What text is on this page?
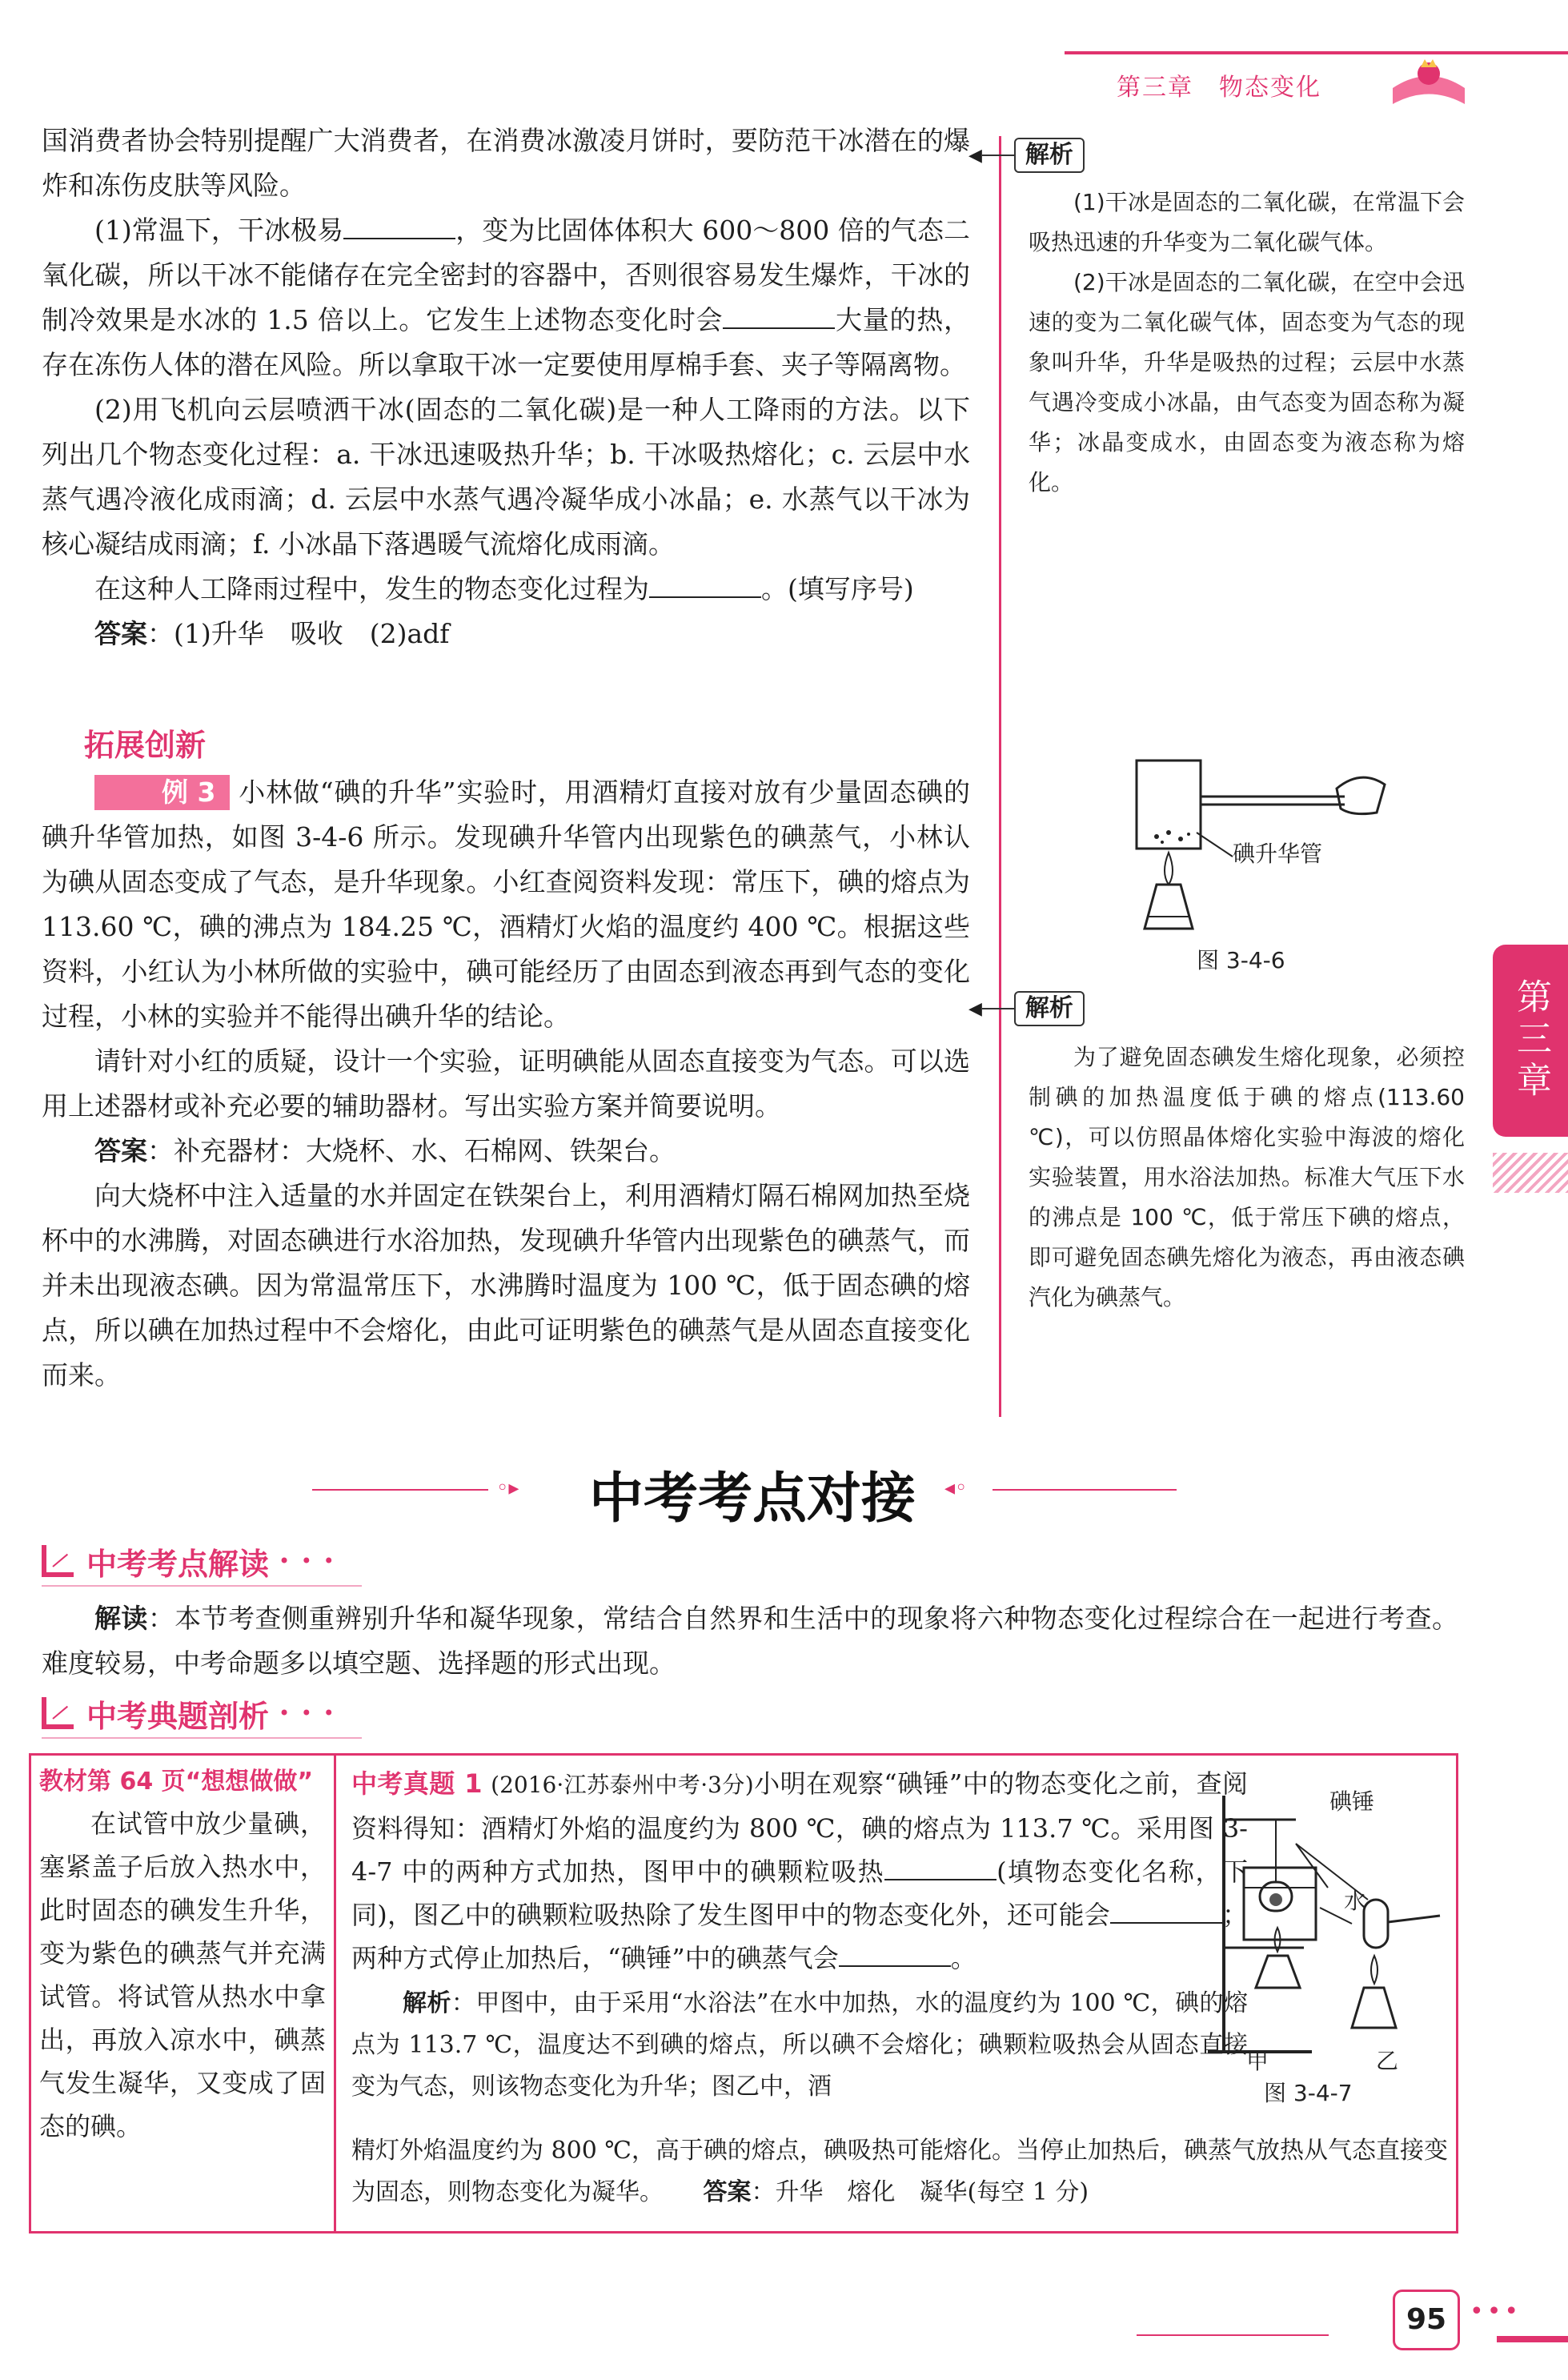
第三章　物态变化

国消费者协会特别提醒广大消费者，在消费冰激凌月饼时，要防范干冰潜在的爆炸和冻伤皮肤等风险。

(1)常温下，干冰极易	，变为比固体体积大 600～800 倍的气态二氧化碳，所以干冰不能储存在完全密封的容器中，否则很容易发生爆炸，干冰的制冷效果是水冰的 1.5 倍以上。它发生上述物态变化时会	大量的热，存在冻伤人体的潜在风险。所以拿取干冰一定要使用厚棉手套、夹子等隔离物。

(2)用飞机向云层喷洒干冰(固态的二氧化碳)是一种人工降雨的方法。以下列出几个物态变化过程：a. 干冰迅速吸热升华；b. 干冰吸热熔化；c. 云层中水蒸气遇冷液化成雨滴；d. 云层中水蒸气遇冷凝华成小冰晶；e. 水蒸气以干冰为核心凝结成雨滴；f. 小冰晶下落遇暖气流熔化成雨滴。

在这种人工降雨过程中，发生的物态变化过程为	。(填写序号)

答案：(1)升华　吸收　(2)adf

◀	解析

(1)干冰是固态的二氧化碳，在常温下会吸热迅速的升华变为二氧化碳气体。

(2)干冰是固态的二氧化碳，在空中会迅速的变为二氧化碳气体，固态变为气态的现象叫升华，升华是吸热的过程；云层中水蒸气遇冷变成小冰晶，由气态变为固态称为凝华；冰晶变成水，由固态变为液态称为熔化。

拓展创新

例 3 小林做“碘的升华”实验时，用酒精灯直接对放有少量固态碘的碘升华管加热，如图 3-4-6 所示。发现碘升华管内出现紫色的碘蒸气，小林认为碘从固态变成了气态，是升华现象。小红查阅资料发现：常压下，碘的熔点为113.60 ℃，碘的沸点为 184.25 ℃，酒精灯火焰的温度约 400 ℃。根据这些资料，小红认为小林所做的实验中，碘可能经历了由固态到液态再到气态的变化过程，小林的实验并不能得出碘升华的结论。

请针对小红的质疑，设计一个实验，证明碘能从固态直接变为气态。可以选用上述器材或补充必要的辅助器材。写出实验方案并简要说明。

答案：补充器材：大烧杯、水、石棉网、铁架台。

向大烧杯中注入适量的水并固定在铁架台上，利用酒精灯隔石棉网加热至烧杯中的水沸腾，对固态碘进行水浴加热，发现碘升华管内出现紫色的碘蒸气，而并未出现液态碘。因为常温常压下，水沸腾时温度为 100 ℃，低于固态碘的熔点，所以碘在加热过程中不会熔化，由此可证明紫色的碘蒸气是从固态直接变化而来。

碘升华管
图 3-4-6
◀	解析

为了避免固态碘发生熔化现象，必须控制碘的加热温度低于碘的熔点(113.60 ℃)，可以仿照晶体熔化实验中海波的熔化实验装置，用水浴法加热。标准大气压下水的沸点是 100 ℃，低于常压下碘的熔点，即可避免固态碘先熔化为液态，再由液态碘汽化为碘蒸气。

第三章
◦▸	中考考点对接	◂◦
中考考点解读 • • •

解读：本节考查侧重辨别升华和凝华现象，常结合自然界和生活中的现象将六种物态变化过程综合在一起进行考查。难度较易，中考命题多以填空题、选择题的形式出现。

中考典题剖析 • • •
教材第 64 页“想想做做”

在试管中放少量碘，塞紧盖子后放入热水中，此时固态的碘发生升华，变为紫色的碘蒸气并充满试管。将试管从热水中拿出，再放入凉水中，碘蒸气发生凝华，又变成了固态的碘。

中考真题 1 (2016·江苏泰州中考·3分)小明在观察“碘锤”中的物态变化之前，查阅资料得知：酒精灯外焰的温度约为 800 ℃，碘的熔点为 113.7 ℃。采用图 3-4-7 中的两种方式加热，图甲中的碘颗粒吸热	(填物态变化名称，下同)，图乙中的碘颗粒吸热除了发生图甲中的物态变化外，还可能会	；两种方式停止加热后，“碘锤”中的碘蒸气会	。

解析：甲图中，由于采用“水浴法”在水中加热，水的温度约为 100 ℃，碘的熔点为 113.7 ℃，温度达不到碘的熔点，所以碘不会熔化；碘颗粒吸热会从固态直接变为气态，则该物态变化为升华；图乙中，酒

精灯外焰温度约为 800 ℃，高于碘的熔点，碘吸热可能熔化。当停止加热后，碘蒸气放热从气态直接变为固态，则物态变化为凝华。 答案：升华　熔化　凝华(每空 1 分)
碘锤
水
甲	乙
图 3-4-7
95 •••
